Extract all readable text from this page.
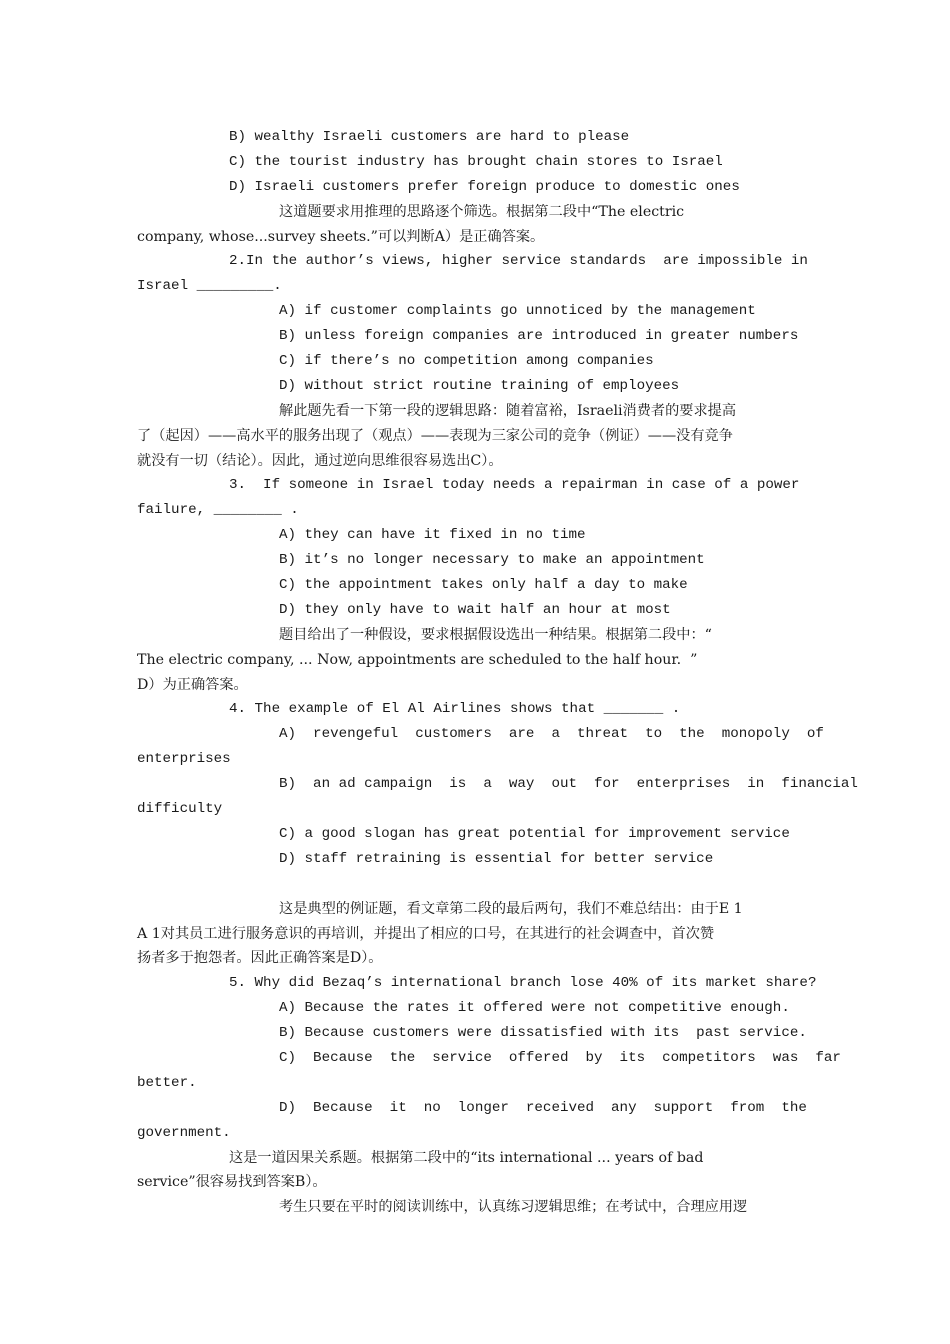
B) wealthy Israeli customers are hard to please
C) the tourist industry has brought chain stores to Israel
D) Israeli customers prefer foreign produce to domestic ones
这道题要求用推理的思路逐个筛选。根据第二段中“The electric
company, whose...survey sheets.”可以判断A）是正确答案。
2.In the author’s views, higher service standards  are impossible in
Israel _________.
A) if customer complaints go unnoticed by the management
B) unless foreign companies are introduced in greater numbers
C) if there’s no competition among companies
D) without strict routine training of employees
解此题先看一下第一段的逻辑思路：随着富裕，Israeli消费者的要求提高
了（起因）——高水平的服务出现了（观点）——表现为三家公司的竞争（例证）——没有竞争
就没有一切（结论）。因此，通过逆向思维很容易选出C）。
3.  If someone in Israel today needs a repairman in case of a power
failure, ________ .
A) they can have it fixed in no time
B) it’s no longer necessary to make an appointment
C) the appointment takes only half a day to make
D) they only have to wait half an hour at most
题目给出了一种假设，要求根据假设选出一种结果。根据第二段中：“
The electric company, ... Now, appointments are scheduled to the half hour.  ”
D）为正确答案。
4. The example of El Al Airlines shows that _______ .
A)  revengeful  customers  are  a  threat  to  the  monopoly  of
enterprises
B)  an ad campaign  is  a  way  out  for  enterprises  in  financial
difficulty
C) a good slogan has great potential for improvement service
D) staff retraining is essential for better service
这是典型的例证题，看文章第二段的最后两句，我们不难总结出：由于E 1
A 1对其员工进行服务意识的再培训，并提出了相应的口号，在其进行的社会调查中，首次赞
扬者多于抱怨者。因此正确答案是D）。
5. Why did Bezaq’s international branch lose 40% of its market share?
A) Because the rates it offered were not competitive enough.
B) Because customers were dissatisfied with its  past service.
C)  Because  the  service  offered  by  its  competitors  was  far
better.
D)  Because  it  no  longer  received  any  support  from  the
government.
这是一道因果关系题。根据第二段中的“its international ... years of bad
service”很容易找到答案B）。
考生只要在平时的阅读训练中，认真练习逻辑思维；在考试中，合理应用逻
